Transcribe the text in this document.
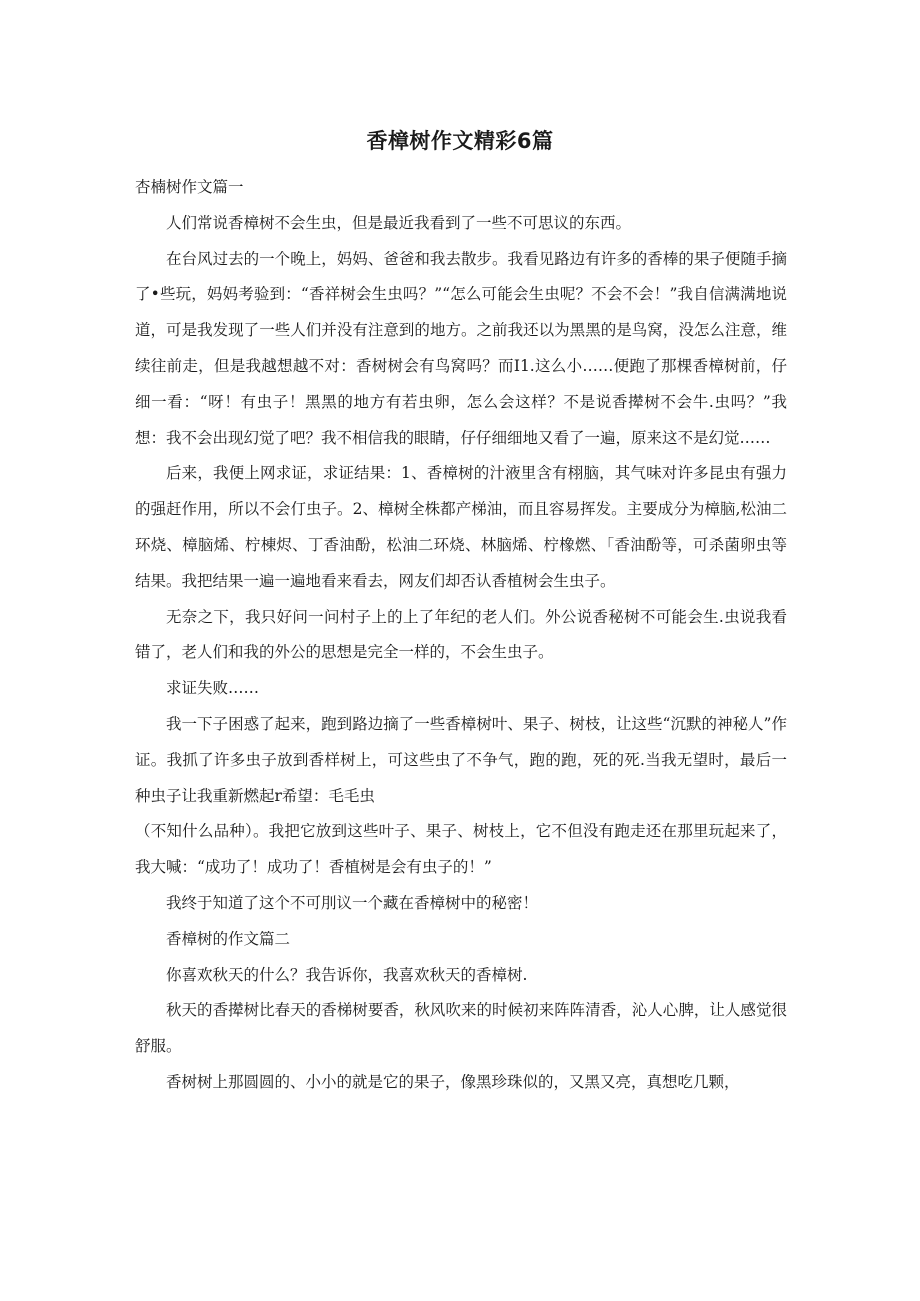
香樟树作文精彩6篇

杏楠树作文篇一

人们常说香樟树不会生虫，但是最近我看到了一些不可思议的东西。

在台风过去的一个晚上，妈妈、爸爸和我去散步。我看见路边有许多的香棒的果子便随手摘了•些玩，妈妈考验到：“香祥树会生虫吗？”“怎么可能会生虫呢？不会不会！”我自信满满地说道，可是我发现了一些人们并没有注意到的地方。之前我还以为黑黑的是鸟窝，没怎么注意，维续往前走，但是我越想越不对：香树树会有鸟窝吗？而I1.这么小……便跑了那棵香樟树前，仔细一看：“呀！有虫子！黑黑的地方有若虫卵，怎么会这样？不是说香撵树不会牛.虫吗？”我想：我不会出现幻觉了吧？我不相信我的眼睛，仔仔细细地又看了一遍，原来这不是幻觉……

后来，我便上网求证，求证结果：1、香樟树的汁液里含有栩脑，其气味对许多昆虫有强力的强赶作用，所以不会仃虫子。2、樟树全株都产梯油，而且容易挥发。主要成分为樟脑,松油二环烧、樟脑烯、柠棟烬、丁香油酚，松油二环烧、林脑烯、柠橡燃、「香油酚等，可杀菌卵虫等结果。我把结果一遍一遍地看来看去，网友们却否认香植树会生虫子。

无奈之下，我只好问一问村子上的上了年纪的老人们。外公说香秘树不可能会生.虫说我看错了，老人们和我的外公的思想是完全一样的，不会生虫子。

求证失败……

我一下子困惑了起来，跑到路边摘了一些香樟树叶、果子、树枝，让这些“沉默的神秘人”作证。我抓了许多虫子放到香样树上，可这些虫了不争气，跑的跑，死的死.当我无望时，最后一种虫子让我重新燃起r希望：毛毛虫

（不知什么品种）。我把它放到这些叶子、果子、树枝上，它不但没有跑走还在那里玩起来了，我大喊：“成功了！成功了！香植树是会有虫子的！”

我终于知道了这个不可刖议一个藏在香樟树中的秘密！

香樟树的作文篇二

你喜欢秋天的什么？我告诉你，我喜欢秋天的香樟树.

秋天的香撵树比春天的香梯树要香，秋风吹来的时候初来阵阵清香，沁人心脾，让人感觉很舒服。

香树树上那圆圆的、小小的就是它的果子，像黑珍珠似的，又黑又亮，真想吃几颗，
